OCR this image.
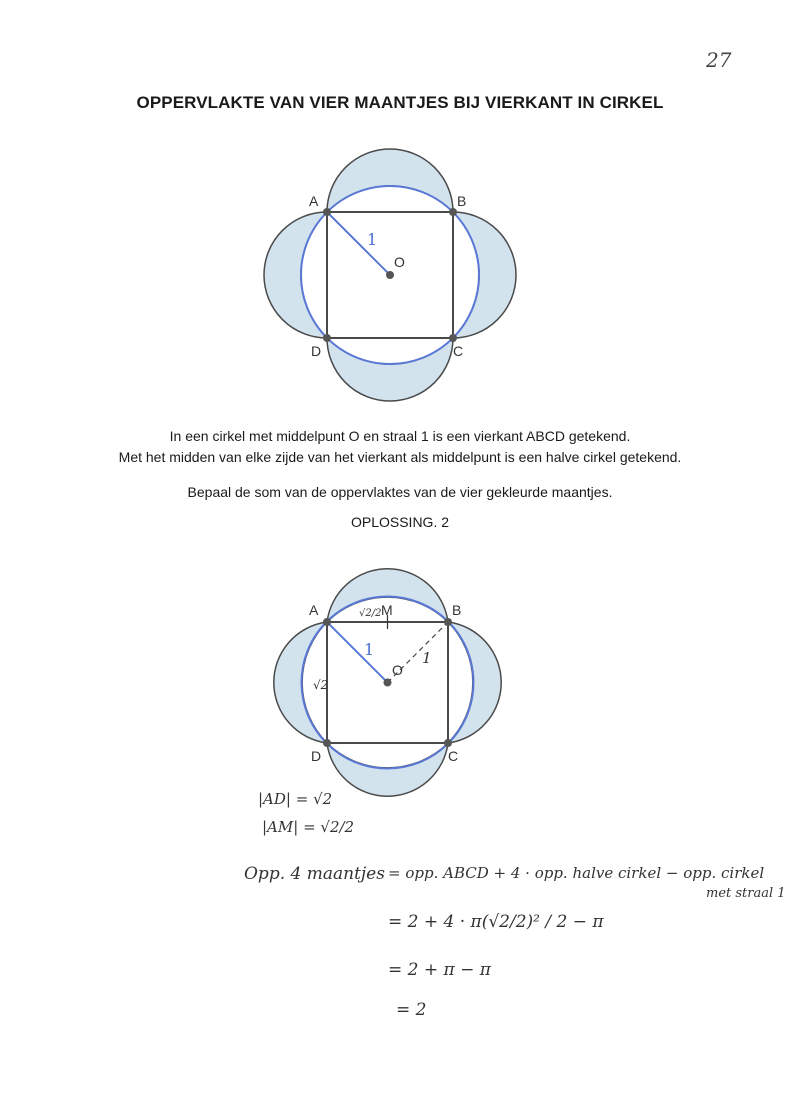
27
OPPERVLAKTE VAN VIER MAANTJES BIJ VIERKANT IN CIRKEL
1
A	B
C
D
O
In een cirkel met middelpunt O en straal 1 is een vierkant ABCD getekend.
Met het midden van elke zijde van het vierkant als middelpunt is een halve cirkel getekend.
Bepaal de som van de oppervlaktes van de vier gekleurde maantjes.
OPLOSSING. 2
1	1
√2/2
√2
A	B
C
D
O
M
|AD| = √2
|AM| = √2/2
Opp. 4 maantjes = opp. ABCD + 4 · opp. halve cirkel − opp. cirkel
met straal 1
= 2 + 4 · π(√2/2)² / 2 − π
= 2 + π − π
= 2
